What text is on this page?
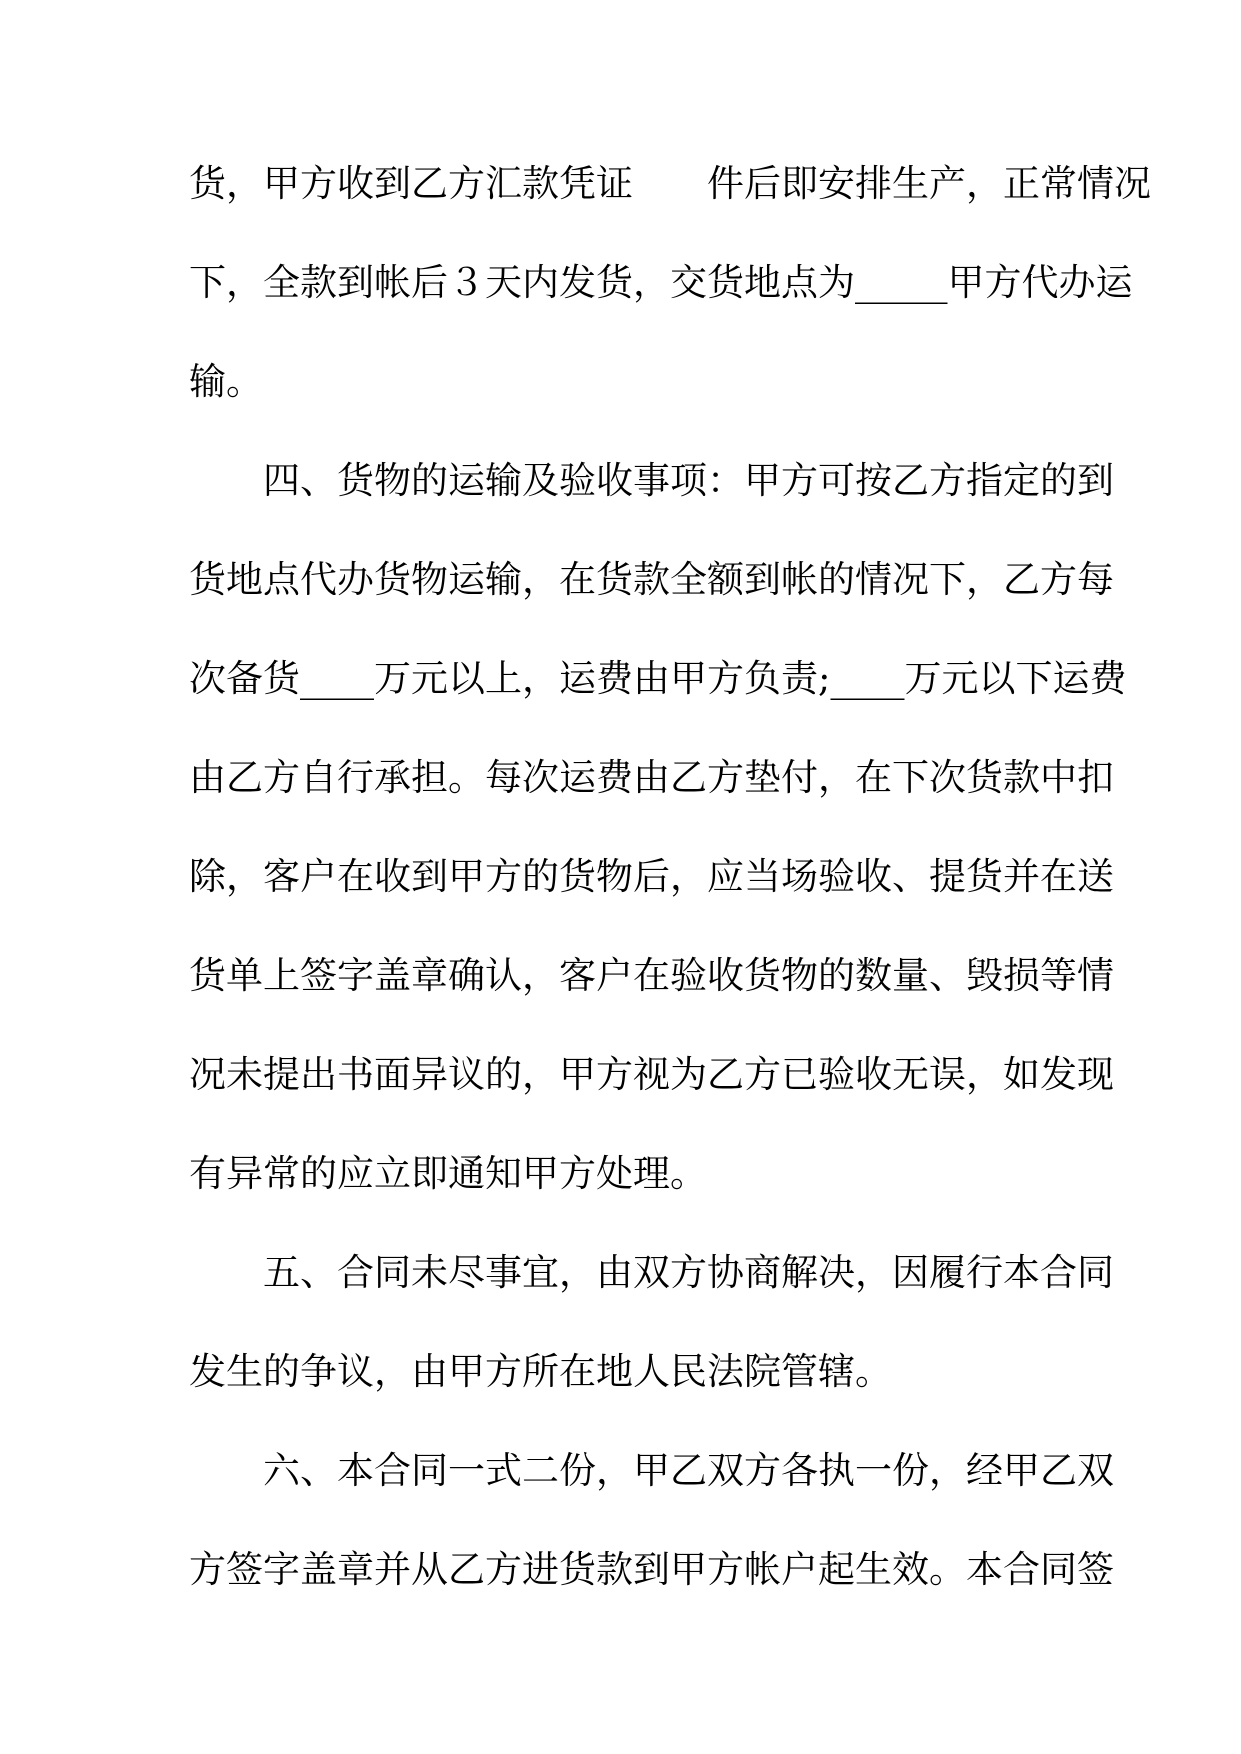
货，甲方收到乙方汇款凭证　　件后即安排生产，正常情况
下，全款到帐后３天内发货，交货地点为_____甲方代办运
输。
　　四、货物的运输及验收事项：甲方可按乙方指定的到
货地点代办货物运输，在货款全额到帐的情况下，乙方每
次备货____万元以上，运费由甲方负责;____万元以下运费
由乙方自行承担。每次运费由乙方垫付，在下次货款中扣
除，客户在收到甲方的货物后，应当场验收、提货并在送
货单上签字盖章确认，客户在验收货物的数量、毁损等情
况未提出书面异议的，甲方视为乙方已验收无误，如发现
有异常的应立即通知甲方处理。
　　五、合同未尽事宜，由双方协商解决，因履行本合同
发生的争议，由甲方所在地人民法院管辖。
　　六、本合同一式二份，甲乙双方各执一份，经甲乙双
方签字盖章并从乙方进货款到甲方帐户起生效。本合同签
